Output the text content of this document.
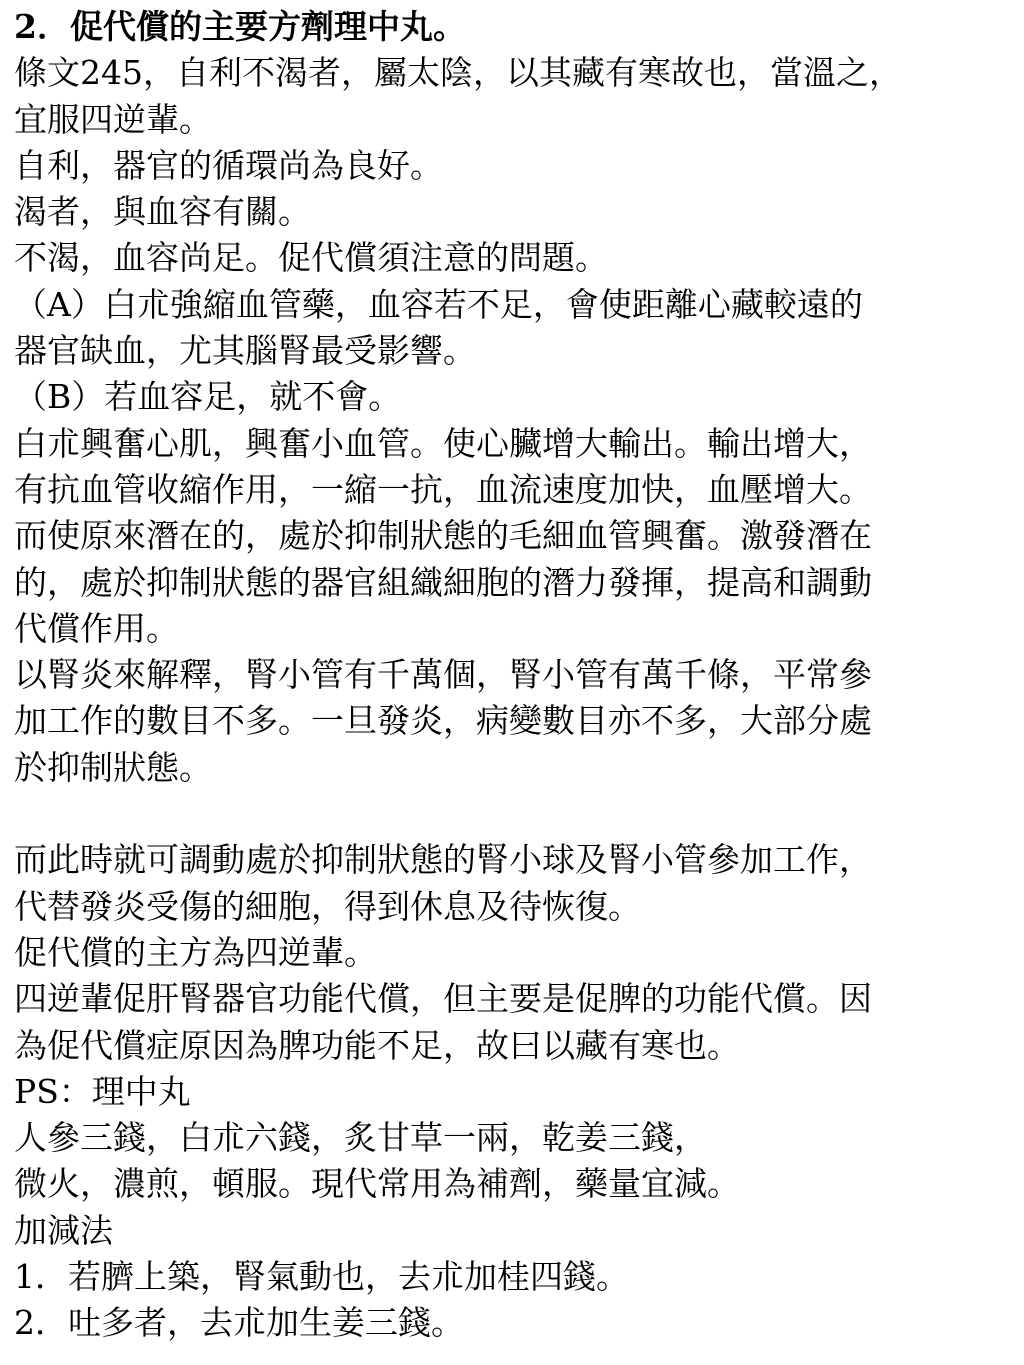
2．促代償的主要方劑理中丸。
條文245，自利不渴者，屬太陰，以其藏有寒故也，當溫之，
宜服四逆輩。
自利，器官的循環尚為良好。
渴者，與血容有關。
不渴，血容尚足。促代償須注意的問題。
（A）白朮強縮血管藥，血容若不足，會使距離心藏較遠的
器官缺血，尤其腦腎最受影響。
（B）若血容足，就不會。
白朮興奮心肌，興奮小血管。使心臟增大輸出。輸出增大，
有抗血管收縮作用，一縮一抗，血流速度加快，血壓增大。
而使原來潛在的，處於抑制狀態的毛細血管興奮。激發潛在
的，處於抑制狀態的器官組織細胞的潛力發揮，提高和調動
代償作用。
以腎炎來解釋，腎小管有千萬個，腎小管有萬千條，平常參
加工作的數目不多。一旦發炎，病變數目亦不多，大部分處
於抑制狀態。
而此時就可調動處於抑制狀態的腎小球及腎小管參加工作，
代替發炎受傷的細胞，得到休息及待恢復。
促代償的主方為四逆輩。
四逆輩促肝腎器官功能代償，但主要是促脾的功能代償。因
為促代償症原因為脾功能不足，故曰以藏有寒也。
PS：理中丸
人參三錢，白朮六錢，炙甘草一兩，乾姜三錢，
微火，濃煎，頓服。現代常用為補劑，藥量宜減。
加減法
1．若臍上築，腎氣動也，去朮加桂四錢。
2．吐多者，去朮加生姜三錢。
